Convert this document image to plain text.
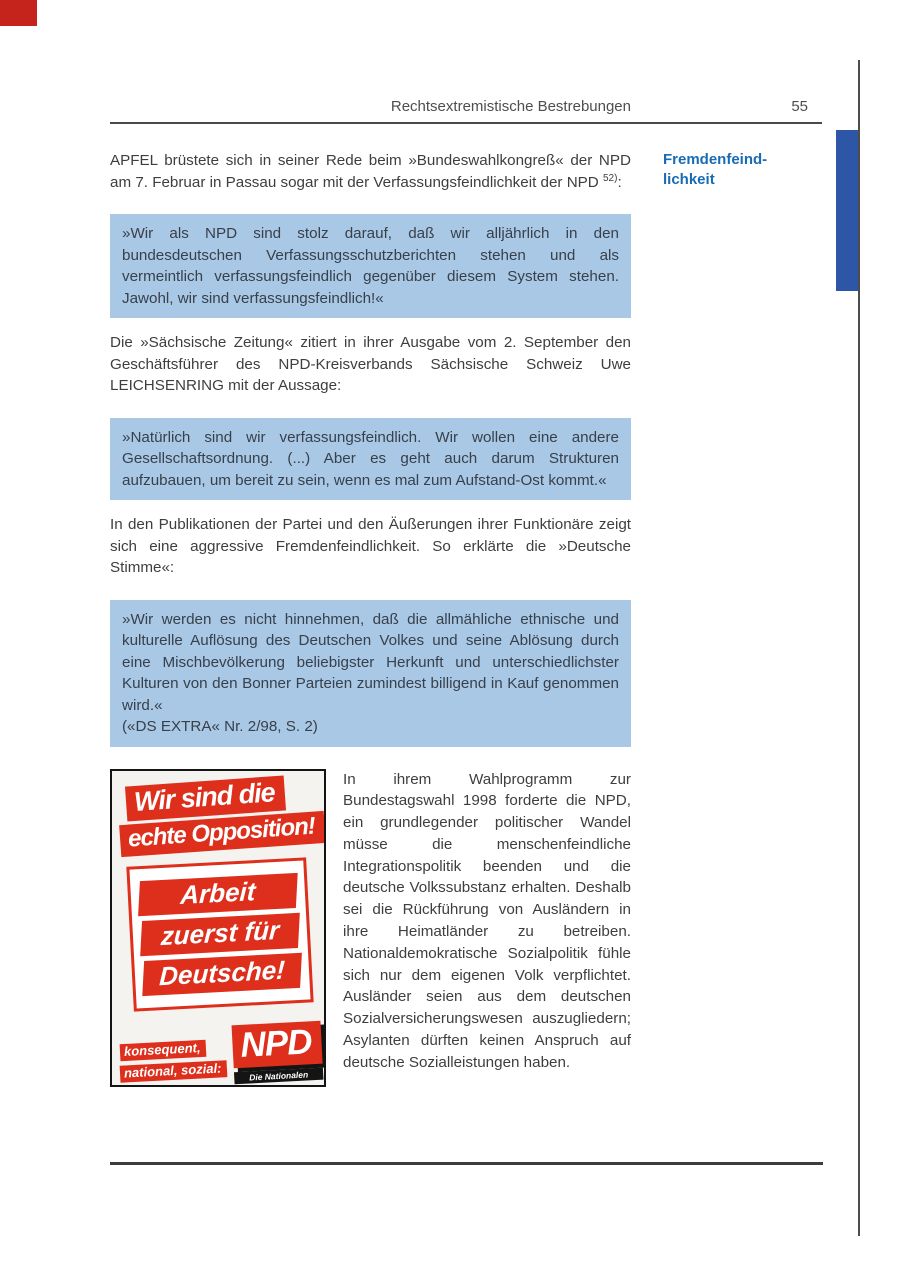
Rechtsextremistische Bestrebungen	55
Fremdenfeind-
lichkeit

APFEL brüstete sich in seiner Rede beim »Bundeswahlkongreß« der NPD am 7. Februar in Passau sogar mit der Verfassungsfeindlichkeit der NPD $^{52)}$:

»Wir als NPD sind stolz darauf, daß wir alljährlich in den bundesdeutschen Verfassungsschutzberichten stehen und als vermeintlich verfassungsfeindlich gegenüber diesem System stehen. Jawohl, wir sind verfassungsfeindlich!«

Die »Sächsische Zeitung« zitiert in ihrer Ausgabe vom 2. September den Geschäftsführer des NPD-Kreisverbands Sächsische Schweiz Uwe LEICHSENRING mit der Aussage:

»Natürlich sind wir verfassungsfeindlich. Wir wollen eine andere Gesellschaftsordnung. (...) Aber es geht auch darum Strukturen aufzubauen, um bereit zu sein, wenn es mal zum Aufstand-Ost kommt.«

In den Publikationen der Partei und den Äußerungen ihrer Funktionäre zeigt sich eine aggressive Fremdenfeindlichkeit. So erklärte die »Deutsche Stimme«:

»Wir werden es nicht hinnehmen, daß die allmähliche ethnische und kulturelle Auflösung des Deutschen Volkes und seine Ablösung durch eine Mischbevölkerung beliebigster Herkunft und unterschiedlichster Kulturen von den Bonner Parteien zumindest billigend in Kauf genommen wird.«
(«DS EXTRA« Nr. 2/98, S. 2)
Wir sind die echte Opposition!
Arbeit
zuerst für
Deutsche!
konsequent,
national, sozial:
NPD
Die Nationalen
In ihrem Wahlprogramm zur Bundestagswahl 1998 forderte die NPD, ein grundlegender politischer Wandel müsse die menschenfeindliche Integrationspolitik beenden und die deutsche Volkssubstanz erhalten. Deshalb sei die Rückführung von Ausländern in ihre Heimatländer zu betreiben. Nationaldemokratische Sozialpolitik fühle sich nur dem eigenen Volk verpflichtet. Ausländer seien aus dem deutschen Sozialversicherungswesen auszugliedern; Asylanten dürften keinen Anspruch auf deutsche Sozialleistungen haben.
